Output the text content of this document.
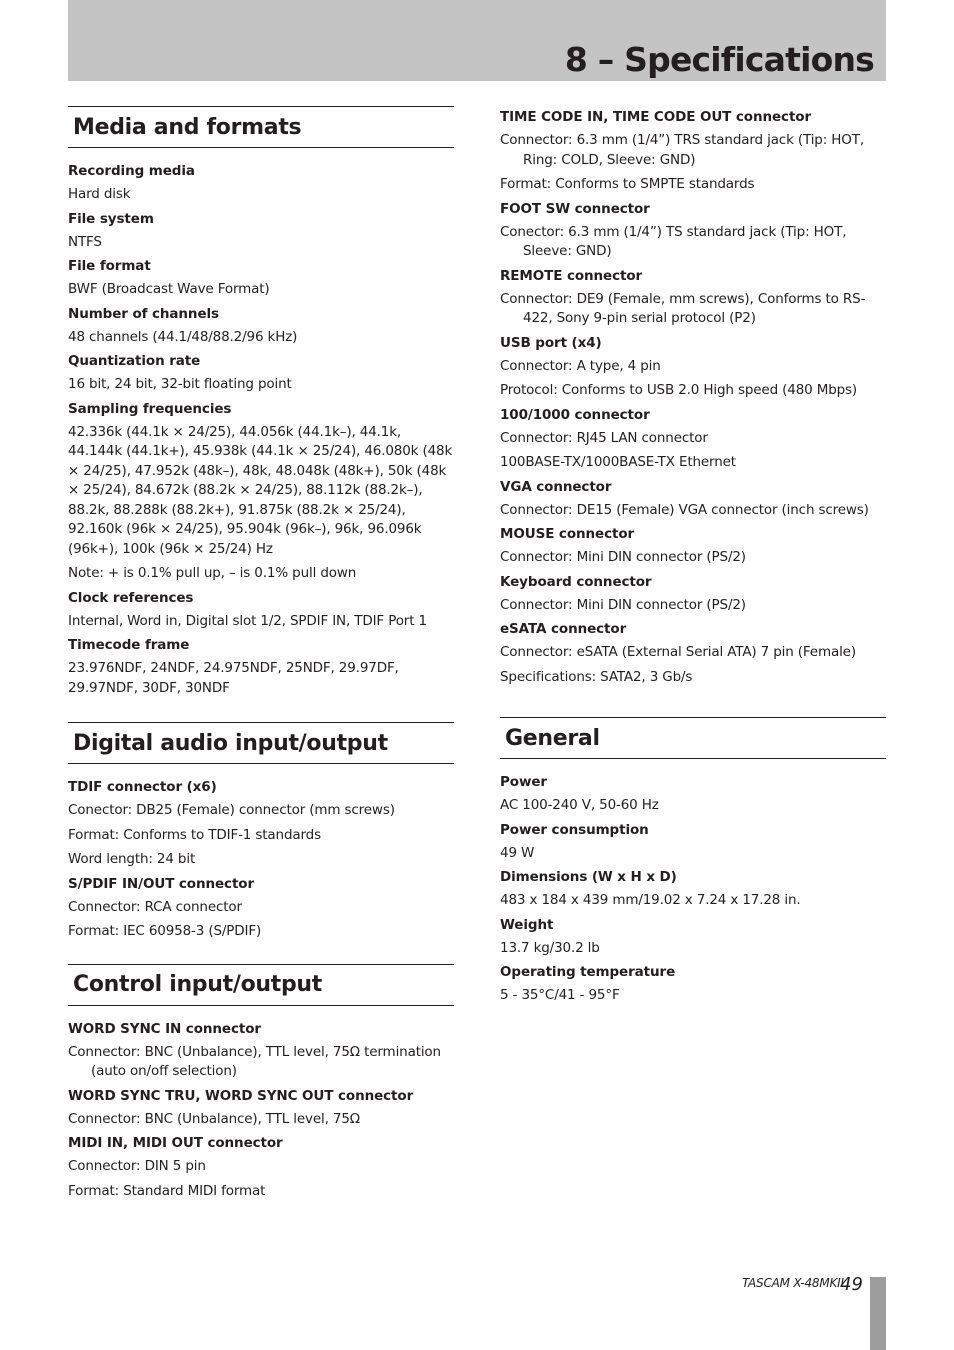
8 – Specifications
Media and formats

Recording media

Hard disk

File system

NTFS

File format

BWF (Broadcast Wave Format)

Number of channels

48 channels (44.1/48/88.2/96 kHz)

Quantization rate

16 bit, 24 bit, 32-bit floating point

Sampling frequencies

42.336k (44.1k × 24/25), 44.056k (44.1k–), 44.1k, 44.144k (44.1k+), 45.938k (44.1k × 25/24), 46.080k (48k × 24/25), 47.952k (48k–), 48k, 48.048k (48k+), 50k (48k × 25/24), 84.672k (88.2k × 24/25), 88.112k (88.2k–), 88.2k, 88.288k (88.2k+), 91.875k (88.2k × 25/24), 92.160k (96k × 24/25), 95.904k (96k–), 96k, 96.096k (96k+), 100k (96k × 25/24) Hz

Note: + is 0.1% pull up, – is 0.1% pull down

Clock references

Internal, Word in, Digital slot 1/2, SPDIF IN, TDIF Port 1

Timecode frame

23.976NDF, 24NDF, 24.975NDF, 25NDF, 29.97DF, 29.97NDF, 30DF, 30NDF

Digital audio input/output

TDIF connector (x6)

Conector: DB25 (Female) connector (mm screws)

Format: Conforms to TDIF-1 standards

Word length: 24 bit

S/PDIF IN/OUT connector

Connector: RCA connector

Format: IEC 60958-3 (S/PDIF)

Control input/output

WORD SYNC IN connector

Connector: BNC (Unbalance), TTL level, 75Ω termination (auto on/off selection)

WORD SYNC TRU, WORD SYNC OUT connector

Connector: BNC (Unbalance), TTL level, 75Ω

MIDI IN, MIDI OUT connector

Connector: DIN 5 pin

Format: Standard MIDI format

TIME CODE IN, TIME CODE OUT connector

Connector: 6.3 mm (1/4”) TRS standard jack (Tip: HOT, Ring: COLD, Sleeve: GND)

Format: Conforms to SMPTE standards

FOOT SW connector

Conector: 6.3 mm (1/4”) TS standard jack (Tip: HOT, Sleeve: GND)

REMOTE connector

Connector: DE9 (Female, mm screws), Conforms to RS-422, Sony 9-pin serial protocol (P2)

USB port (x4)

Connector: A type, 4 pin

Protocol: Conforms to USB 2.0 High speed (480 Mbps)

100/1000 connector

Connector: RJ45 LAN connector

100BASE-TX/1000BASE-TX Ethernet

VGA connector

Connector: DE15 (Female) VGA connector (inch screws)

MOUSE connector

Connector: Mini DIN connector (PS/2)

Keyboard connector

Connector: Mini DIN connector (PS/2)

eSATA connector

Connector: eSATA (External Serial ATA) 7 pin (Female)

Specifications: SATA2, 3 Gb/s

General

Power

AC 100-240 V, 50-60 Hz

Power consumption

49 W

Dimensions (W x H x D)

483 x 184 x 439 mm/19.02 x 7.24 x 17.28 in.

Weight

13.7 kg/30.2 lb

Operating temperature

5 - 35°C/41 - 95°F

TASCAM X-48MKII
49
